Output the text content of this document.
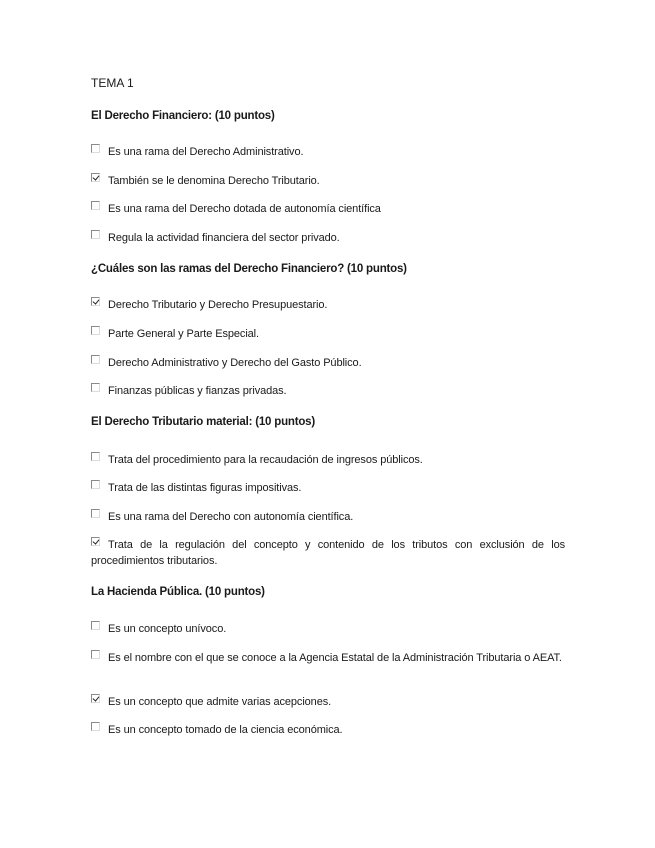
TEMA 1
El Derecho Financiero: (10 puntos)
Es una rama del Derecho Administrativo.
También se le denomina Derecho Tributario.
Es una rama del Derecho dotada de autonomía científica
Regula la actividad financiera del sector privado.
¿Cuáles son las ramas del Derecho Financiero? (10 puntos)
Derecho Tributario y Derecho Presupuestario.
Parte General y Parte Especial.
Derecho Administrativo y Derecho del Gasto Público.
Finanzas públicas y fianzas privadas.
El Derecho Tributario material: (10 puntos)
Trata del procedimiento para la recaudación de ingresos públicos.
Trata de las distintas figuras impositivas.
Es una rama del Derecho con autonomía científica.
Trata de la regulación del concepto y contenido de los tributos con exclusión de los procedimientos tributarios.
La Hacienda Pública. (10 puntos)
Es un concepto unívoco.
Es el nombre con el que se conoce a la Agencia Estatal de la Administración Tributaria o AEAT.
Es un concepto que admite varias acepciones.
Es un concepto tomado de la ciencia económica.
